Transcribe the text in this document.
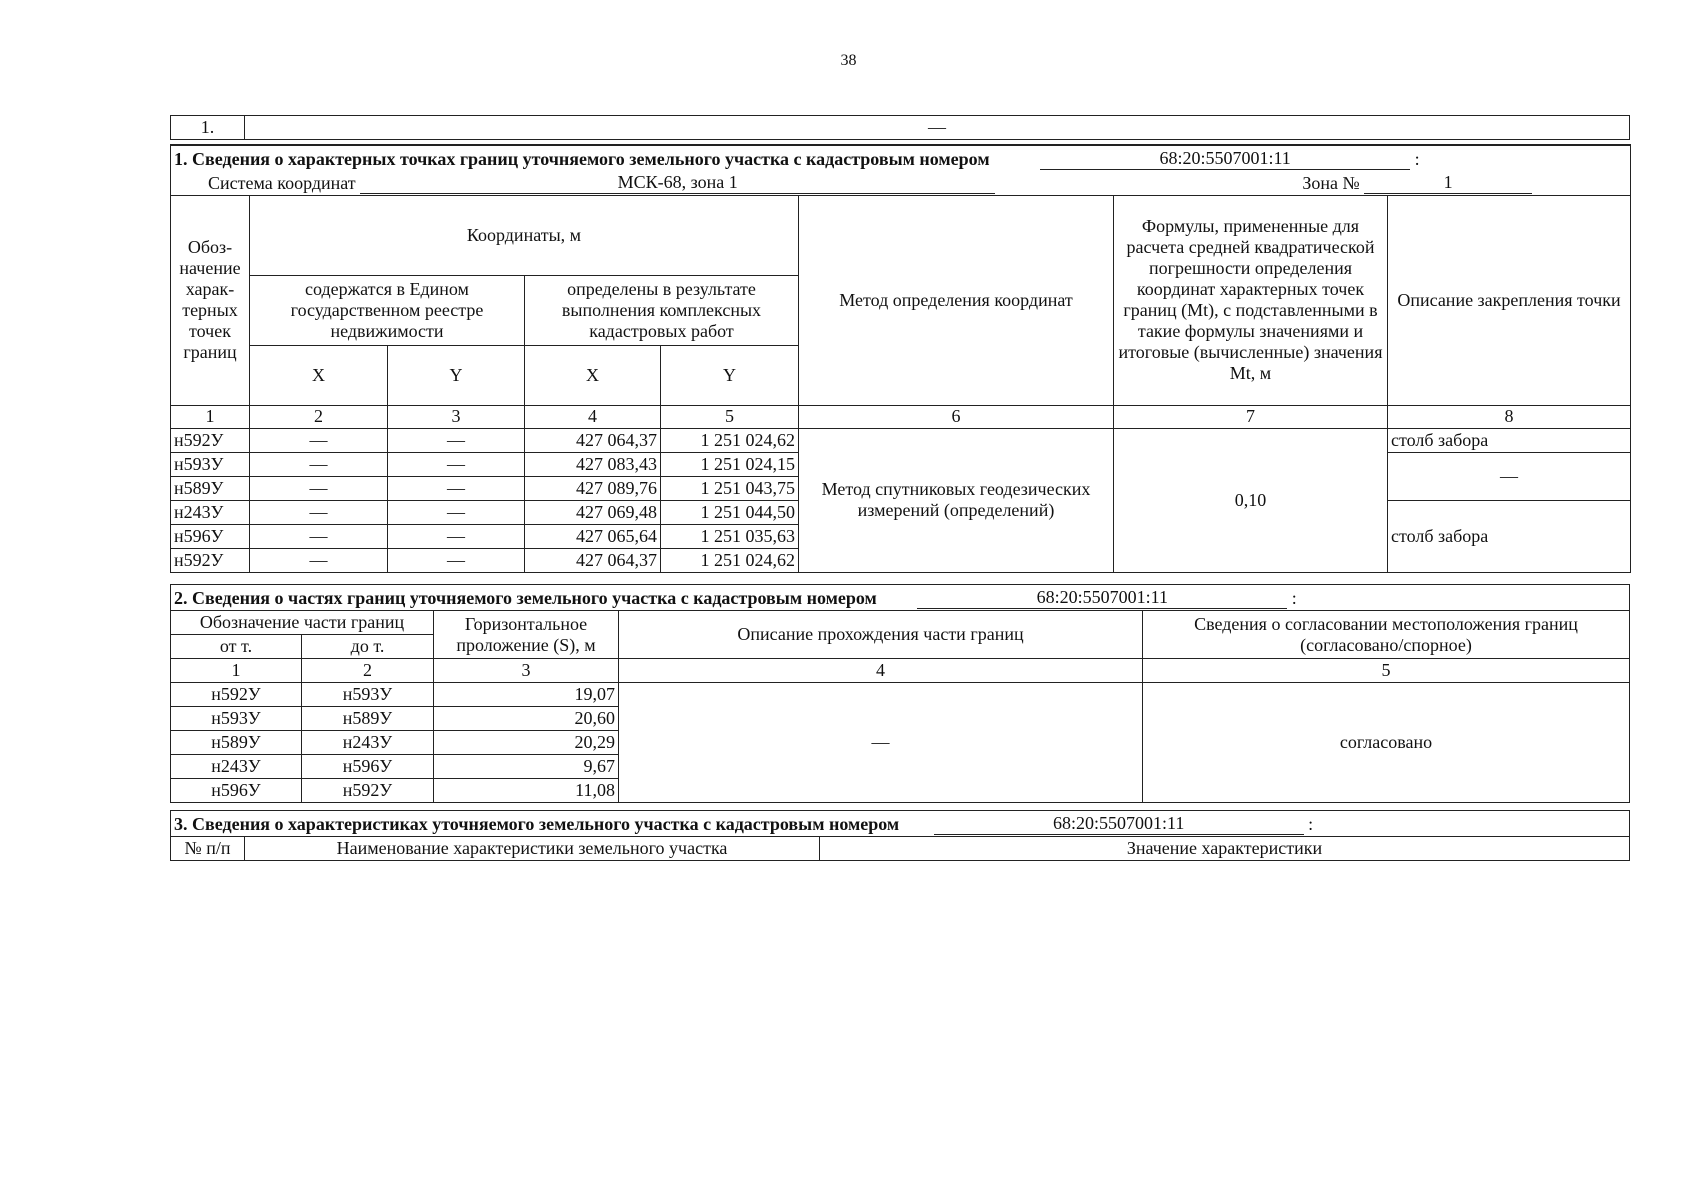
38
1.	—
1. Сведения о характерных точках границ уточняемого земельного участка с кадастровым номером 68:20:5507001:11 :							
Система координат МСК-68, зона 1 Зона № 1							
Обоз-начение харак-терных точек границ	Координаты, м				Метод определения координат	Формулы, примененные для расчета средней квадратической погрешности определения координат характерных точек границ (Mt), с подставленными в такие формулы значениями и итоговые (вычисленные) значения Mt, м	Описание закрепления точки
	содержатся в Едином государственном реестре недвижимости		определены в результате выполнения комплексных кадастровых работ				
	X	Y	X	Y			
1	2	3	4	5	6	7	8
н592У	—	—	427 064,37	1 251 024,62	Метод спутниковых геодезических измерений (определений)	0,10	столб забора
н593У	—	—	427 083,43	1 251 024,15			—
н589У	—	—	427 089,76	1 251 043,75			
н243У	—	—	427 069,48	1 251 044,50			столб забора
н596У	—	—	427 065,64	1 251 035,63			
н592У	—	—	427 064,37	1 251 024,62			
2. Сведения о частях границ уточняемого земельного участка с кадастровым номером 68:20:5507001:11 :				
Обозначение части границ		Горизонтальное проложение (S), м	Описание прохождения части границ	Сведения о согласовании местоположения границ (согласовано/спорное)
от т.	до т.			
1	2	3	4	5
н592У	н593У	19,07	—	согласовано
н593У	н589У	20,60		
н589У	н243У	20,29		
н243У	н596У	9,67		
н596У	н592У	11,08		
3. Сведения о характеристиках уточняемого земельного участка с кадастровым номером	68:20:5507001:11	:
№ п/п	Наименование характеристики земельного участка	Значение характеристики
